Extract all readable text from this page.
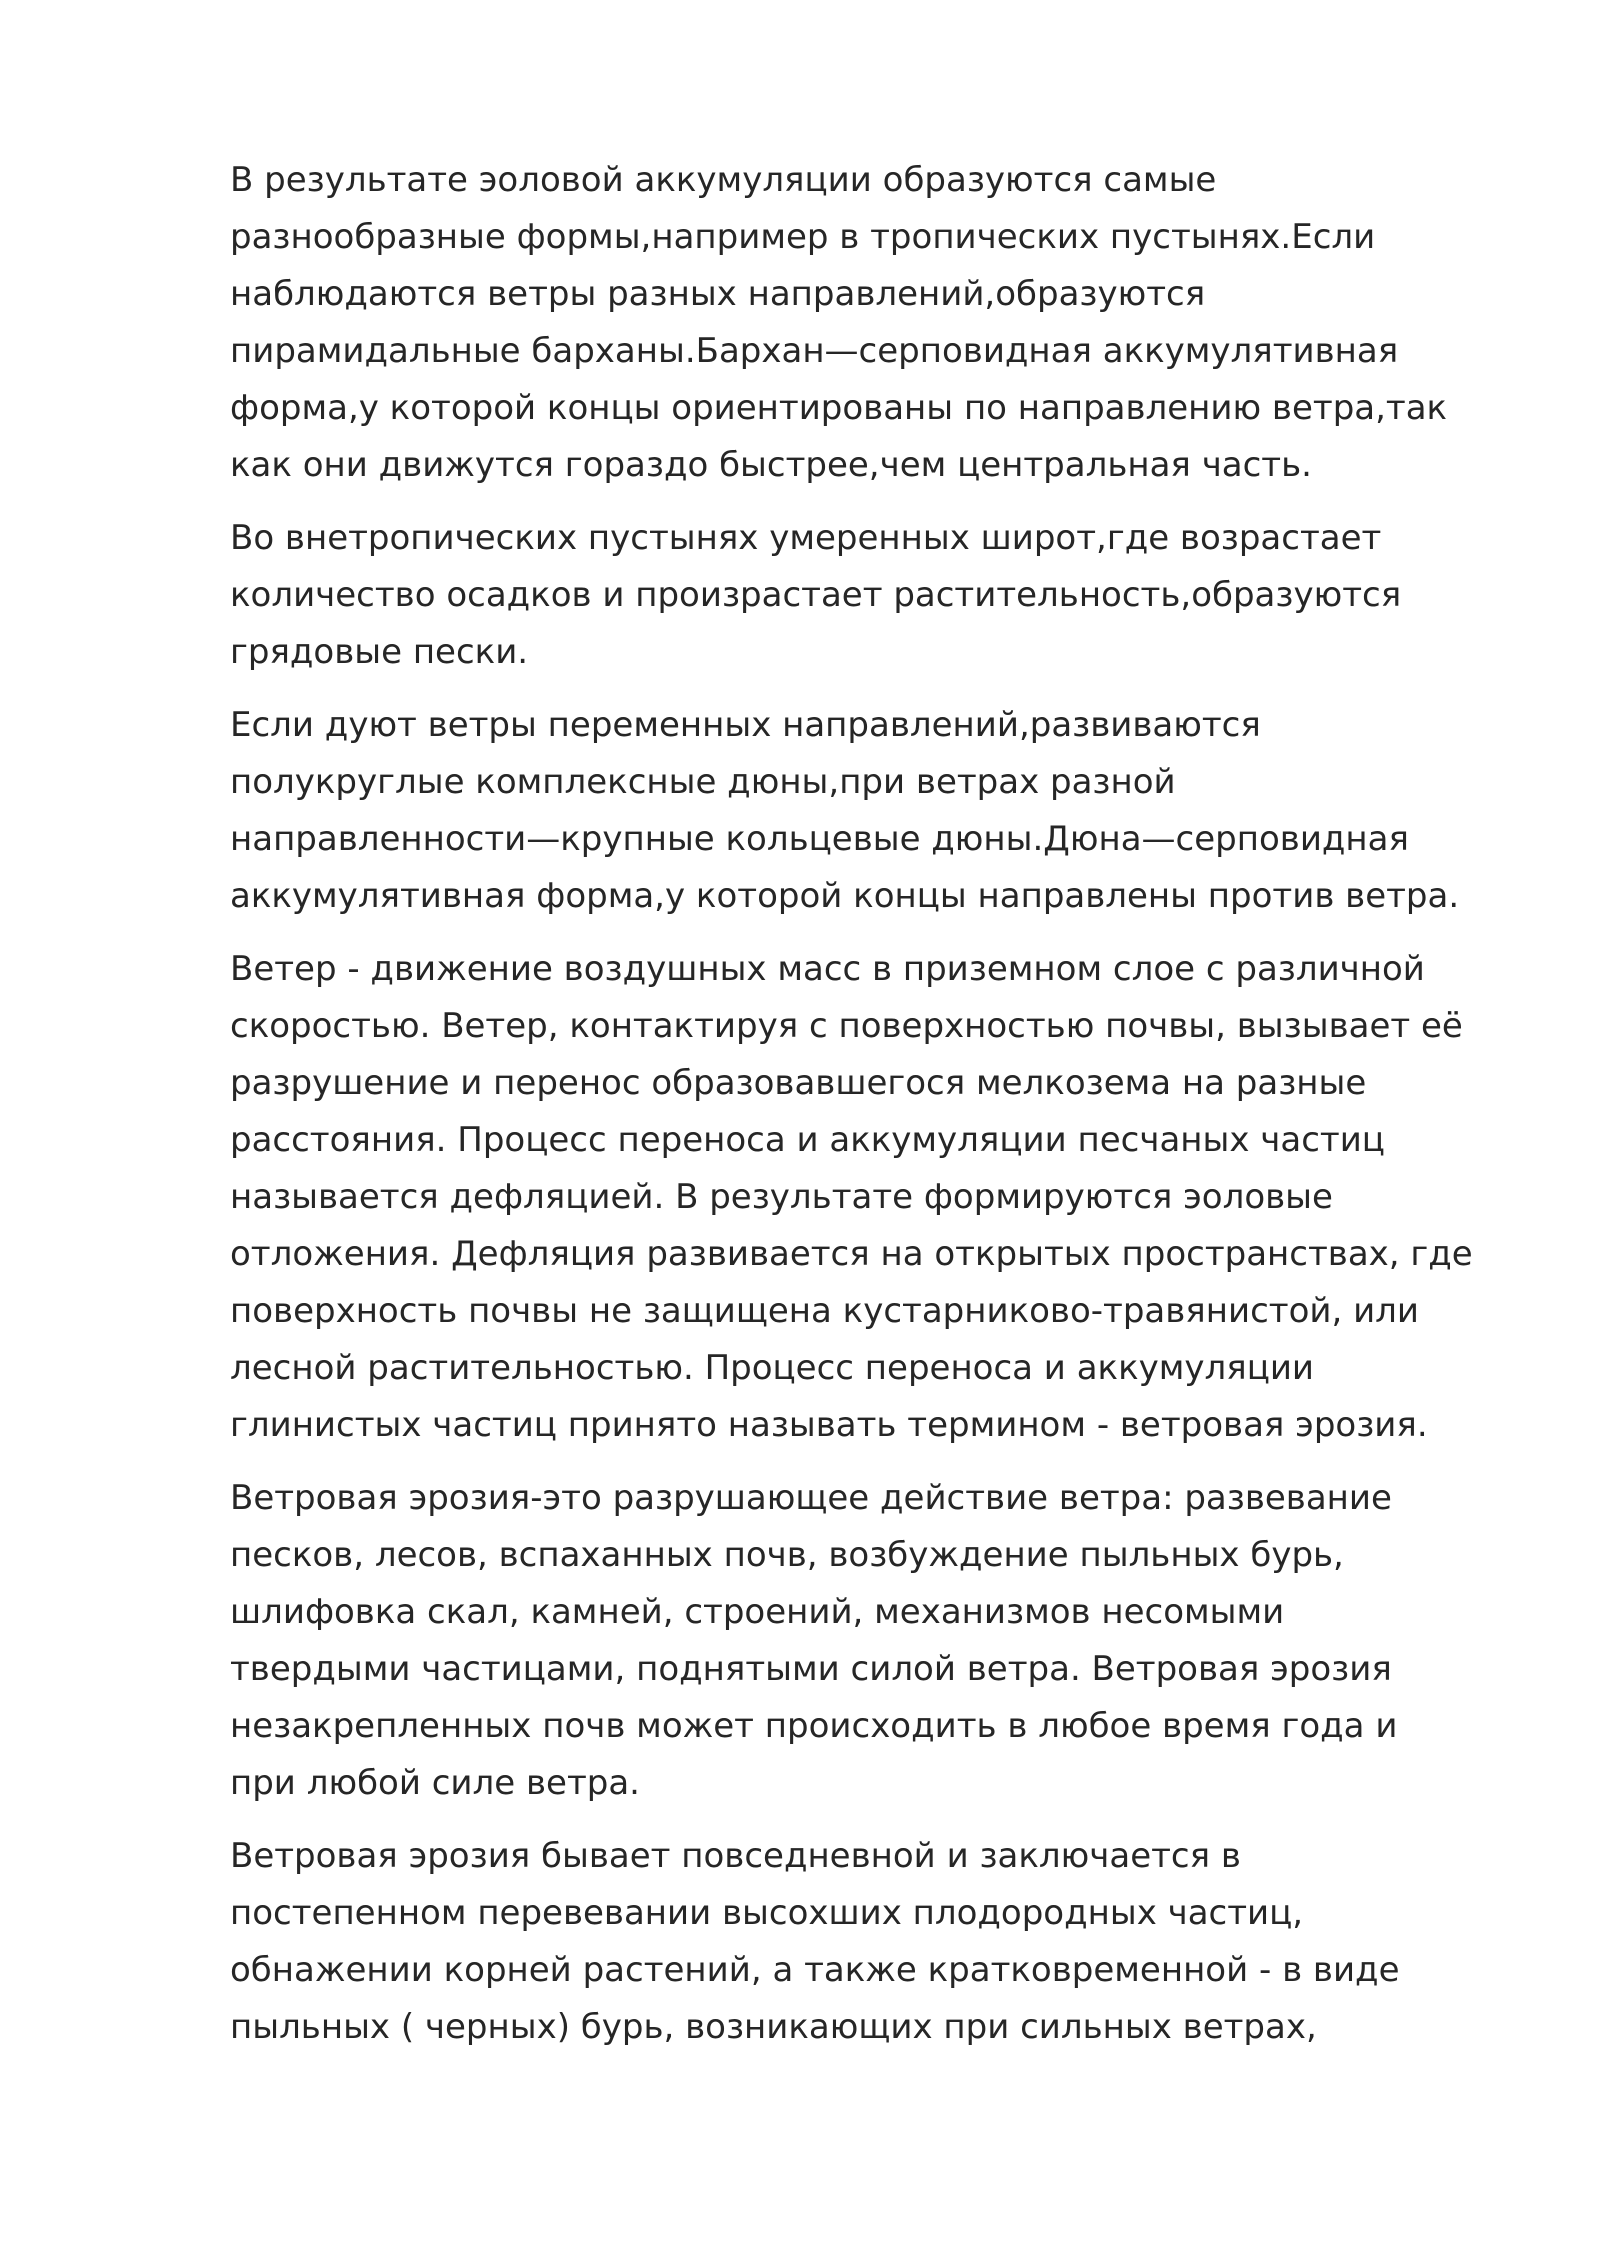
В результате эоловой аккумуляции образуются самые
разнообразные формы,например в тропических пустынях.Если
наблюдаются ветры разных направлений,образуются
пирамидальные барханы.Бархан—серповидная аккумулятивная
форма,у которой концы ориентированы по направлению ветра,так
как они движутся гораздо быстрее,чем центральная часть.

Во внетропических пустынях умеренных широт,где возрастает
количество осадков и произрастает растительность,образуются
грядовые пески.

Если дуют ветры переменных направлений,развиваются
полукруглые комплексные дюны,при ветрах разной
направленности—крупные кольцевые дюны.Дюна—серповидная
аккумулятивная форма,у которой концы направлены против ветра.

Ветер - движение воздушных масс в приземном слое с различной
скоростью. Ветер, контактируя с поверхностью почвы, вызывает её
разрушение и перенос образовавшегося мелкозема на разные
расстояния. Процесс переноса и аккумуляции песчаных частиц
называется дефляцией. В результате формируются эоловые
отложения. Дефляция развивается на открытых пространствах, где
поверхность почвы не защищена кустарниково-травянистой, или
лесной растительностью. Процесс переноса и аккумуляции
глинистых частиц принято называть термином - ветровая эрозия.

Ветровая эрозия-это разрушающее действие ветра: развевание
песков, лесов, вспаханных почв, возбуждение пыльных бурь,
шлифовка скал, камней, строений, механизмов несомыми
твердыми частицами, поднятыми силой ветра. Ветровая эрозия
незакрепленных почв может происходить в любое время года и
при любой силе ветра.

Ветровая эрозия бывает повседневной и заключается в
постепенном перевевании высохших плодородных частиц,
обнажении корней растений, а также кратковременной - в виде
пыльных ( черных) бурь, возникающих при сильных ветрах,
